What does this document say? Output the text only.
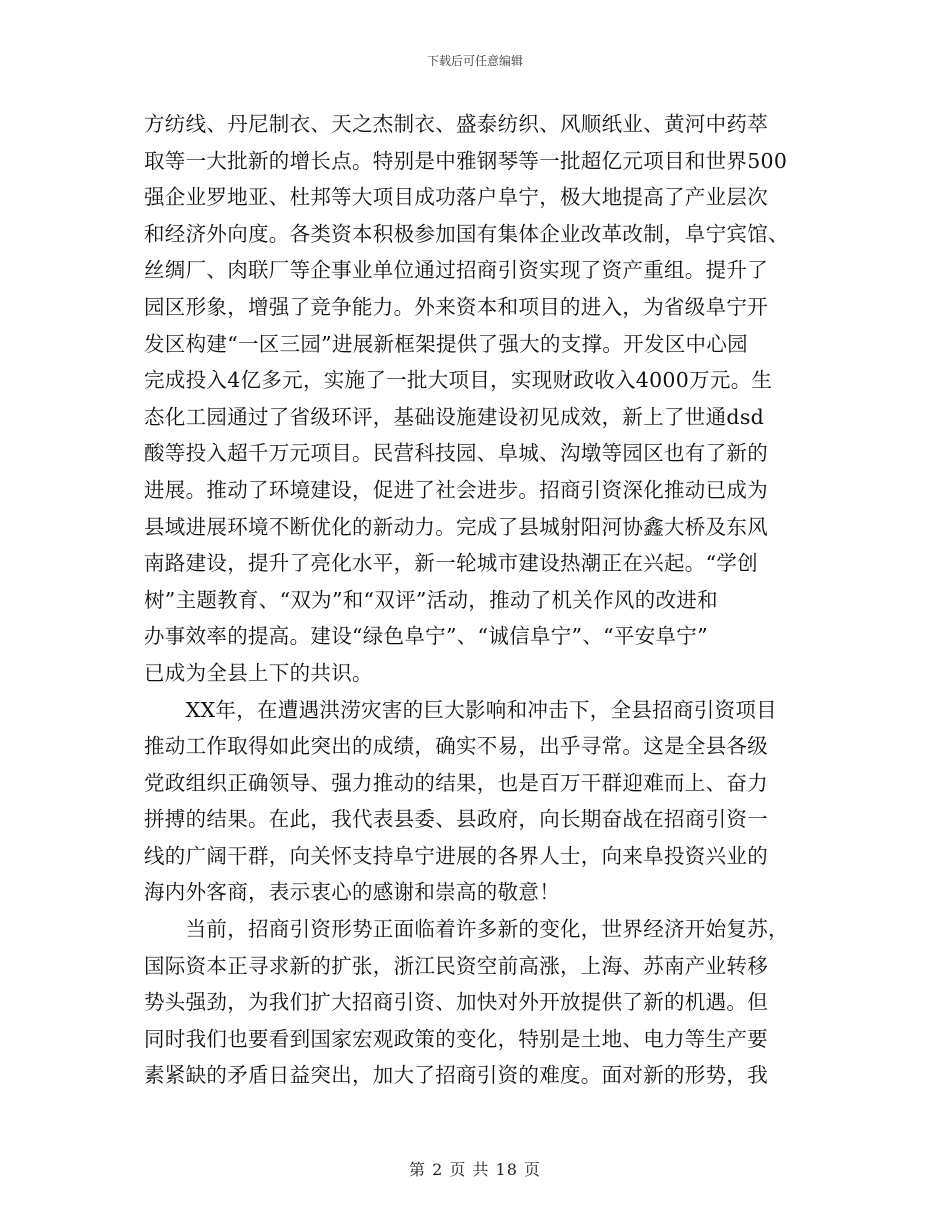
下载后可任意编辑
方纺线、丹尼制衣、天之杰制衣、盛泰纺织、风顺纸业、黄河中药萃
取等一大批新的增长点。特别是中雅钢琴等一批超亿元项目和世界500
强企业罗地亚、杜邦等大项目成功落户阜宁，极大地提高了产业层次
和经济外向度。各类资本积极参加国有集体企业改革改制，阜宁宾馆、
丝绸厂、肉联厂等企事业单位通过招商引资实现了资产重组。提升了
园区形象，增强了竞争能力。外来资本和项目的进入，为省级阜宁开
发区构建“一区三园”进展新框架提供了强大的支撑。开发区中心园
完成投入4亿多元，实施了一批大项目，实现财政收入4000万元。生
态化工园通过了省级环评，基础设施建设初见成效，新上了世通dsd
酸等投入超千万元项目。民营科技园、阜城、沟墩等园区也有了新的
进展。推动了环境建设，促进了社会进步。招商引资深化推动已成为
县域进展环境不断优化的新动力。完成了县城射阳河协鑫大桥及东风
南路建设，提升了亮化水平，新一轮城市建设热潮正在兴起。“学创
树”主题教育、“双为”和“双评”活动，推动了机关作风的改进和
办事效率的提高。建设“绿色阜宁”、“诚信阜宁”、“平安阜宁”
已成为全县上下的共识。
　　XX年，在遭遇洪涝灾害的巨大影响和冲击下，全县招商引资项目
推动工作取得如此突出的成绩，确实不易，出乎寻常。这是全县各级
党政组织正确领导、强力推动的结果，也是百万干群迎难而上、奋力
拼搏的结果。在此，我代表县委、县政府，向长期奋战在招商引资一
线的广阔干群，向关怀支持阜宁进展的各界人士，向来阜投资兴业的
海内外客商，表示衷心的感谢和崇高的敬意！
　　当前，招商引资形势正面临着许多新的变化，世界经济开始复苏，
国际资本正寻求新的扩张，浙江民资空前高涨，上海、苏南产业转移
势头强劲，为我们扩大招商引资、加快对外开放提供了新的机遇。但
同时我们也要看到国家宏观政策的变化，特别是土地、电力等生产要
素紧缺的矛盾日益突出，加大了招商引资的难度。面对新的形势，我
第 2 页 共 18 页
